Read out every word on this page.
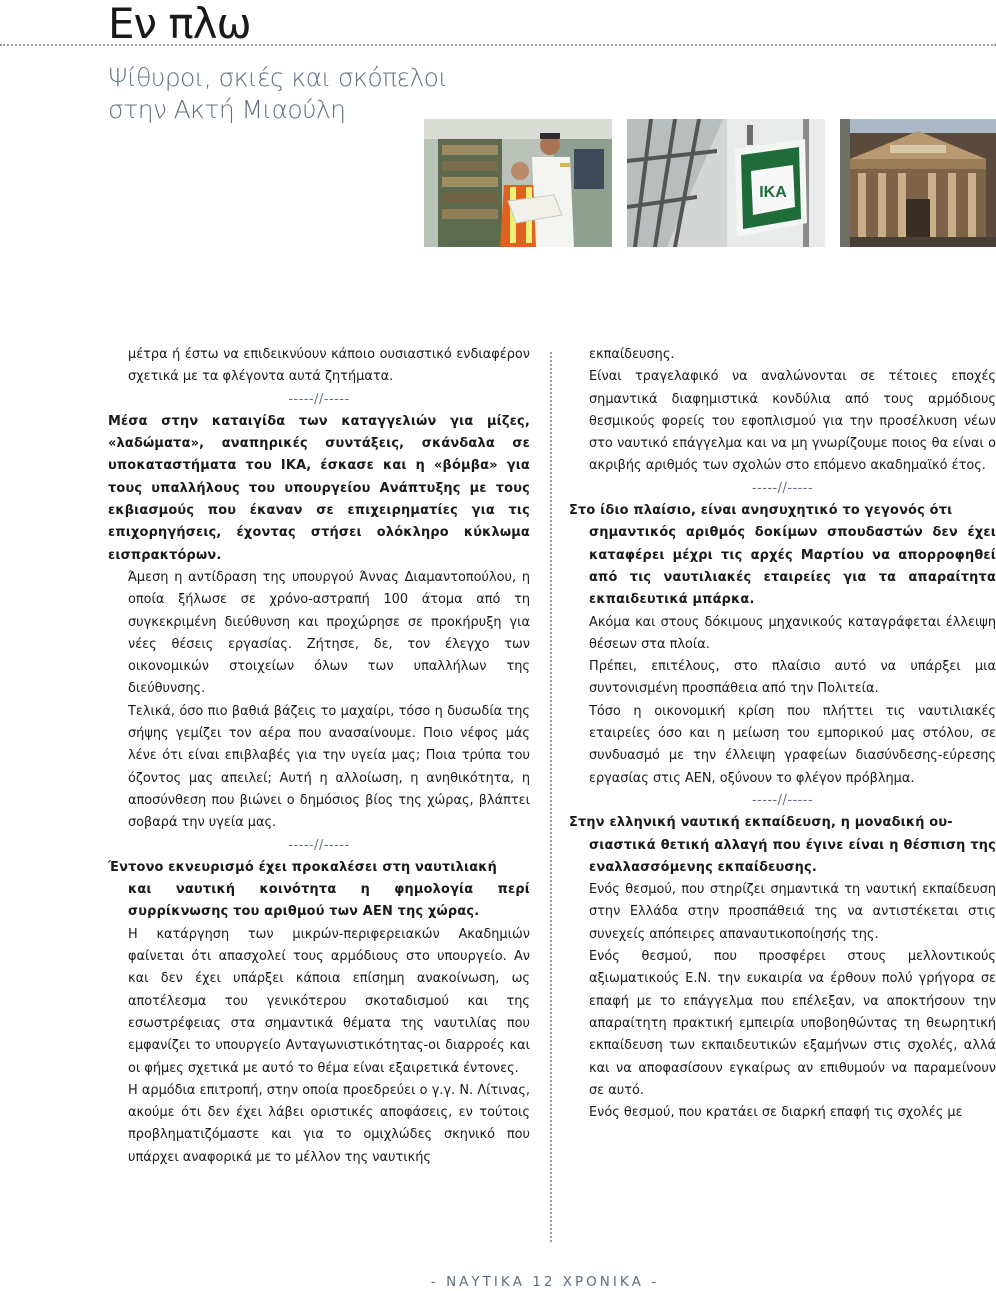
Εν πλω

Ψίθυροι, σκιές και σκόπελοι στην Ακτή Μιαούλη

IKA

μέτρα ή έστω να επιδεικνύουν κάποιο ουσιαστικό ενδιαφέρον σχετικά με τα φλέγοντα αυτά ζητήματα.

-----//-----

Μέσα στην καταιγίδα των καταγγελιών για μίζες, «λαδώματα», αναπηρικές συντάξεις, σκάνδαλα σε υποκαταστήματα του ΙΚΑ, έσκασε και η «βόμβα» για τους υπαλλήλους του υπουργείου Ανάπτυξης με τους εκβιασμούς που έκαναν σε επιχειρηματίες για τις επιχορηγήσεις, έχοντας στήσει ολόκληρο κύκλωμα εισπρακτόρων.

Άμεση η αντίδραση της υπουργού Άννας Διαμαντοπούλου, η οποία ξήλωσε σε χρόνο-αστραπή 100 άτομα από τη συγκεκριμένη διεύθυνση και προχώρησε σε προκήρυξη για νέες θέσεις εργασίας. Ζήτησε, δε, τον έλεγχο των οικονομικών στοιχείων όλων των υπαλλήλων της διεύθυνσης.

Τελικά, όσο πιο βαθιά βάζεις το μαχαίρι, τόσο η δυσωδία της σήψης γεμίζει τον αέρα που ανασαίνουμε. Ποιο νέφος μάς λένε ότι είναι επιβλαβές για την υγεία μας; Ποια τρύπα του όζοντος μας απειλεί; Αυτή η αλλοίωση, η ανηθικότητα, η αποσύνθεση που βιώνει ο δημόσιος βίος της χώρας, βλάπτει σοβαρά την υγεία μας.

-----//-----

Έντονο εκνευρισμό έχει προκαλέσει στη ναυτιλιακή
και ναυτική κοινότητα η φημολογία περί συρρίκνωσης του αριθμού των ΑΕΝ της χώρας.

Η κατάργηση των μικρών-περιφερειακών Ακαδημιών φαίνεται ότι απασχολεί τους αρμόδιους στο υπουργείο. Αν και δεν έχει υπάρξει κάποια επίσημη ανακοίνωση, ως αποτέλεσμα του γενικότερου σκοταδισμού και της εσωστρέφειας στα σημαντικά θέματα της ναυτιλίας που εμφανίζει το υπουργείο Ανταγωνιστικότητας-οι διαρροές και οι φήμες σχετικά με αυτό το θέμα είναι εξαιρετικά έντονες.

Η αρμόδια επιτροπή, στην οποία προεδρεύει ο γ.γ. Ν. Λίτινας, ακούμε ότι δεν έχει λάβει οριστικές αποφάσεις, εν τούτοις προβληματιζόμαστε και για το ομιχλώδες σκηνικό που υπάρχει αναφορικά με το μέλλον της ναυτικής

εκπαίδευσης.

Είναι τραγελαφικό να αναλώνονται σε τέτοιες εποχές σημαντικά διαφημιστικά κονδύλια από τους αρμόδιους θεσμικούς φορείς του εφοπλισμού για την προσέλκυση νέων στο ναυτικό επάγγελμα και να μη γνωρίζουμε ποιος θα είναι ο ακριβής αριθμός των σχολών στο επόμενο ακαδημαϊκό έτος.

-----//-----

Στο ίδιο πλαίσιο, είναι ανησυχητικό το γεγονός ότι
σημαντικός αριθμός δοκίμων σπουδαστών δεν έχει καταφέρει μέχρι τις αρχές Μαρτίου να απορροφηθεί από τις ναυτιλιακές εταιρείες για τα απαραίτητα εκπαιδευτικά μπάρκα.

Ακόμα και στους δόκιμους μηχανικούς καταγράφεται έλλειψη θέσεων στα πλοία.

Πρέπει, επιτέλους, στο πλαίσιο αυτό να υπάρξει μια συντονισμένη προσπάθεια από την Πολιτεία.

Τόσο η οικονομική κρίση που πλήττει τις ναυτιλιακές εταιρείες όσο και η μείωση του εμπορικού μας στόλου, σε συνδυασμό με την έλλειψη γραφείων διασύνδεσης-εύρεσης εργασίας στις ΑΕΝ, οξύνουν το φλέγον πρόβλημα.

-----//-----

Στην ελληνική ναυτική εκπαίδευση, η μοναδική ου-
σιαστικά θετική αλλαγή που έγινε είναι η θέσπιση της εναλλασσόμενης εκπαίδευσης.

Ενός θεσμού, που στηρίζει σημαντικά τη ναυτική εκπαίδευση στην Ελλάδα στην προσπάθειά της να αντιστέκεται στις συνεχείς απόπειρες απαναυτικοποίησής της.

Ενός θεσμού, που προσφέρει στους μελλοντικούς αξιωματικούς Ε.Ν. την ευκαιρία να έρθουν πολύ γρήγορα σε επαφή με το επάγγελμα που επέλεξαν, να αποκτήσουν την απαραίτητη πρακτική εμπειρία υποβοηθώντας τη θεωρητική εκπαίδευση των εκπαιδευτικών εξαμήνων στις σχολές, αλλά και να αποφασίσουν εγκαίρως αν επιθυμούν να παραμείνουν σε αυτό.

Ενός θεσμού, που κρατάει σε διαρκή επαφή τις σχολές με

- ΝΑΥΤΙΚΑ 12 ΧΡΟΝΙΚΑ -
